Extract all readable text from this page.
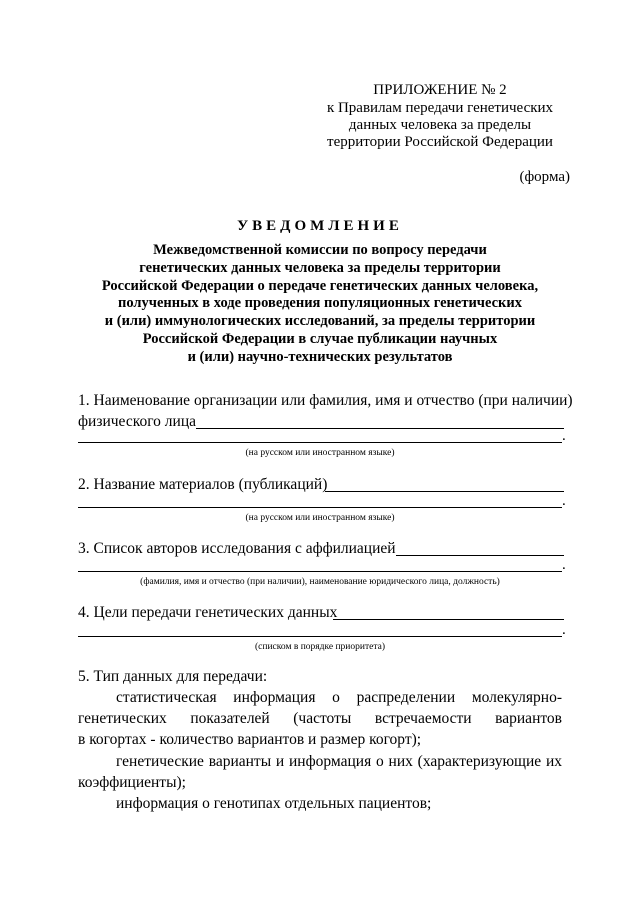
ПРИЛОЖЕНИЕ № 2
к Правилам передачи генетических
данных человека за пределы
территории Российской Федерации
(форма)
УВЕДОМЛЕНИЕ
Межведомственной комиссии по вопросу передачи
генетических данных человека за пределы территории
Российской Федерации о передаче генетических данных человека,
полученных в ходе проведения популяционных генетических
и (или) иммунологических исследований, за пределы территории
Российской Федерации в случае публикации научных
и (или) научно-технических результатов
1. Наименование организации или фамилия, имя и отчество (при наличии)
физического лица
.
(на русском или иностранном языке)
2. Название материалов (публикаций)
.
(на русском или иностранном языке)
3. Список авторов исследования с аффилиацией
.
(фамилия, имя и отчество (при наличии), наименование юридического лица, должность)
4. Цели передачи генетических данных
.
(списком в порядке приоритета)
5. Тип данных для передачи:
статистическая информация о распределении молекулярно-
генетических показателей (частоты встречаемости вариантов
в когортах - количество вариантов и размер когорт);
генетические варианты и информация о них (характеризующие их
коэффициенты);
информация о генотипах отдельных пациентов;
